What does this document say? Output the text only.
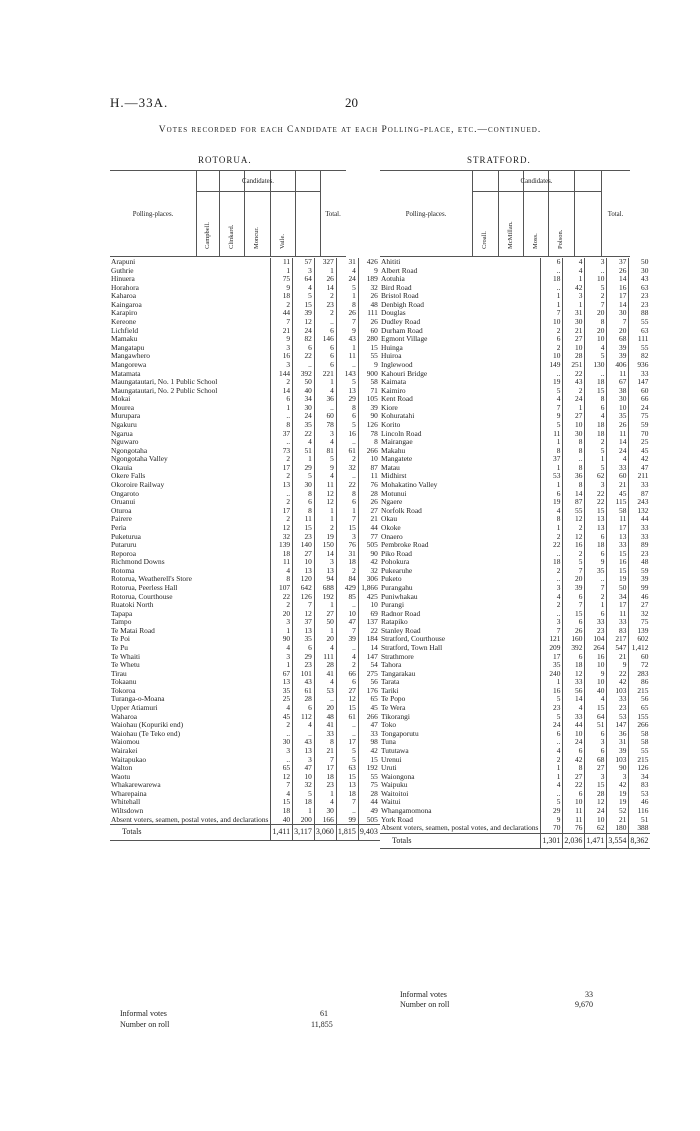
H.—33A.	20
Votes recorded for each Candidate at each Polling-place, etc.—continued.
ROTORUA.	STRATFORD.
Polling-places.
Candidates.
Total.
Campbell.	Clinkard.	Moncur.	Vaile.
Polling-places.
Candidates.
Total.
Croall.	McMillan.	Moss.	Polson.
Arapuni	11	57	327	31	426
Guthrie	1	3	1	4	9
Hinuera	75	64	26	24	189
Horahora	9	4	14	5	32
Kaharoa	18	5	2	1	26
Kaingaroa	2	15	23	8	48
Karapiro	44	39	2	26	111
Kereone	7	12	..	7	26
Lichfield	21	24	6	9	60
Mamaku	9	82	146	43	280
Mangatapu	3	6	6	1	15
Mangawhero	16	22	6	11	55
Mangorewa	3	..	6	..	9
Matamata	144	392	221	143	900
Maungatautari, No. 1 Public School	2	50	1	5	58

Maungatautari, No. 2 Public School	14	40	4	13	71

Mokai	6	34	36	29	105
Mourea	1	30	..	8	39
Murupara	..	24	60	6	90
Ngakuru	8	35	78	5	126
Ngarua	37	22	3	16	78
Nguwaro	..	4	4	..	8
Ngongotaha	73	51	81	61	266
Ngongotaha Valley	2	1	5	2	10
Okauia	17	29	9	32	87
Okere Falls	2	5	4	..	11
Okoroire Railway	13	30	11	22	76
Ongaroto	..	8	12	8	28
Oruanui	2	6	12	6	26
Oturoa	17	8	1	1	27
Pairere	2	11	1	7	21
Peria	12	15	2	15	44
Puketurua	32	23	19	3	77
Putaruru	139	140	150	76	505
Reporoa	18	27	14	31	90
Richmond Downs	11	10	3	18	42
Rotoma	4	13	13	2	32
Rotorua, Weatherell's Store	8	120	94	84	306

Rotorua, Peerless Hall	107	642	688	429	1,866
Rotorua, Courthouse	22	126	192	85	425
Ruatoki North	2	7	1	..	10
Tapapa	20	12	27	10	69
Tampo	3	37	50	47	137
Te Matai Road	1	13	1	7	22
Te Poi	90	35	20	39	184
Te Pu	4	6	4	..	14
Te Whaiti	3	29	111	4	147
Te Whetu	1	23	28	2	54
Tirau	67	101	41	66	275
Tokaanu	13	43	4	6	56
Tokoroa	35	61	53	27	176
Turanga-o-Moana	25	28	..	12	65
Upper Atiamuri	4	6	20	15	45
Waharoa	45	112	48	61	266
Waiohau (Kopuriki end)	2	4	41	..	47
Waiohau (Te Teko end)	..	..	33	..	33
Waiomou	30	43	8	17	98
Wairakei	3	13	21	5	42
Waitapukao	..	3	7	5	15
Walton	65	47	17	63	192
Waotu	12	10	18	15	55
Whakarewarewa	7	32	23	13	75
Wharepaina	4	5	1	18	28
Whitehall	15	18	4	7	44
Wiltsdown	18	1	30	..	49
Absent voters, seamen, postal votes, and declarations	40	200	166	99	505

Totals	1,411	3,117	3,060	1,815	9,403
Ahititi	6	4	3	37	50
Albert Road	..	4	..	26	30
Aotuhia	18	1	10	14	43
Bird Road	..	42	5	16	63
Bristol Road	1	3	2	17	23
Denbigh Road	1	1	7	14	23
Douglas	7	31	20	30	88
Dudley Road	10	30	8	7	55
Durham Road	2	21	20	20	63
Egmont Village	6	27	10	68	111
Huinga	2	10	4	39	55
Huiroa	10	28	5	39	82
Inglewood	149	251	130	406	936
Kahouri Bridge	..	22	..	11	33
Kaimata	19	43	18	67	147
Kaimiro	5	2	15	38	60
Kent Road	4	24	8	30	66
Kiore	7	1	6	10	24
Kohuratahi	9	27	4	35	75
Korito	5	10	18	26	59
Lincoln Road	11	30	18	11	70
Mairangae	1	8	2	14	25
Makahu	8	8	5	24	45
Mangatete	37	..	1	4	42
Matau	1	8	5	33	47
Midhirst	53	36	62	60	211
Mohakatino Valley	1	8	3	21	33
Motunui	6	14	22	45	87
Ngaere	19	87	22	115	243
Norfolk Road	4	55	15	58	132
Okau	8	12	13	11	44
Okoke	1	2	13	17	33
Onaero	2	12	6	13	33
Pembroke Road	22	16	18	33	89
Piko Road	..	2	6	15	23
Pohokura	18	5	9	16	48
Pukearuhe	2	7	35	15	59
Puketo	..	20	..	19	39
Purangahu	3	39	7	50	99
Puniwhakau	4	6	2	34	46
Purangi	2	7	1	17	27
Radnor Road	..	15	6	11	32
Ratapiko	3	6	33	33	75
Stanley Road	7	26	23	83	139
Stratford, Courthouse	121	160	104	217	602
Stratford, Town Hall	209	392	264	547	1,412
Strathmore	17	6	16	21	60
Tahora	35	18	10	9	72
Tangarakau	240	12	9	22	283
Tarata	1	33	10	42	86
Tariki	16	56	40	103	215
Te Popo	5	14	4	33	56
Te Wera	23	4	15	23	65
Tikorangi	5	33	64	53	155
Toko	24	44	51	147	266
Tongaporutu	6	10	6	36	58
Tuna	..	24	3	31	58
Tututawa	4	6	6	39	55
Urenui	2	42	68	103	215
Uruti	1	8	27	90	126
Waiongona	1	27	3	3	34
Waipuku	4	22	15	42	83
Waitoitoi	..	6	28	19	53
Waitui	5	10	12	19	46
Whangamomona	29	11	24	52	116
York Road	9	11	10	21	51
Absent voters, seamen, postal votes, and declarations	70	76	62	180	388

Totals	1,301	2,036	1,471	3,554	8,362
Informal votes	61
Number on roll	11,855
Informal votes	33
Number on roll	9,670
